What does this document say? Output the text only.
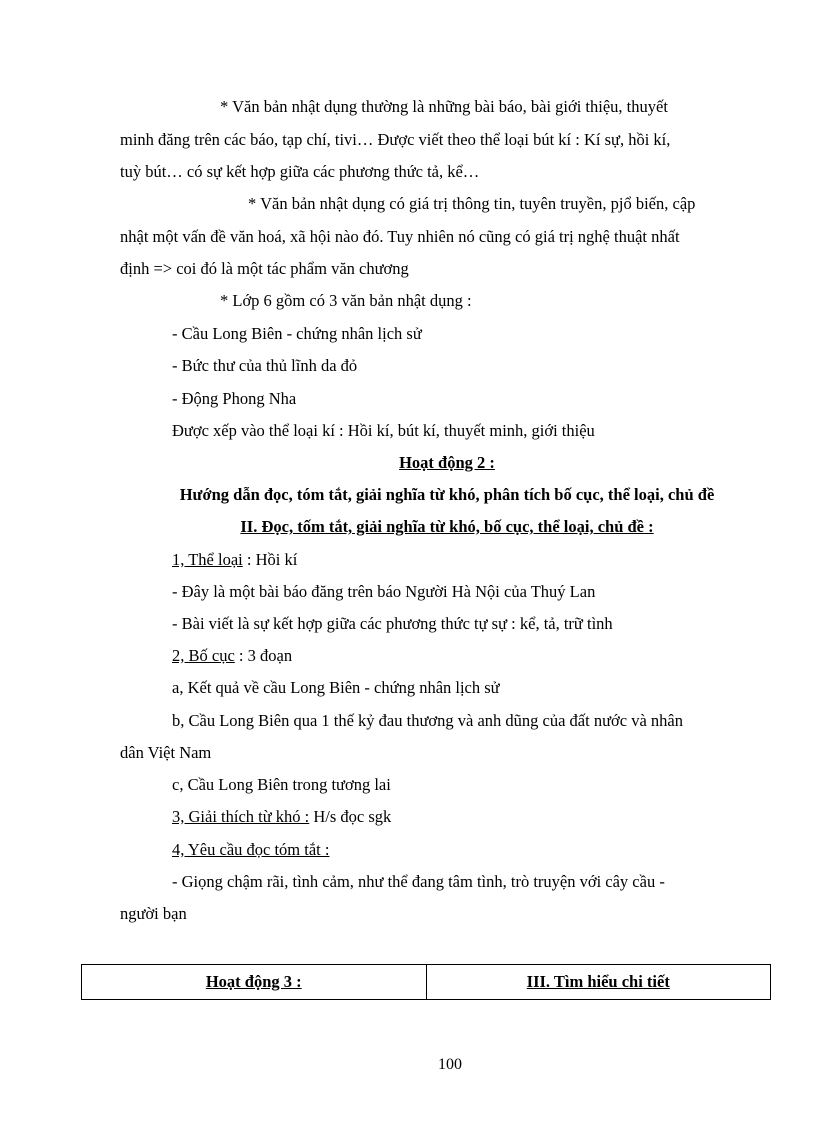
* Văn bản nhật dụng thường là những bài báo, bài giới thiệu, thuyết
minh đăng trên các báo, tạp chí, tivi… Được viết theo thể loại bút kí : Kí sự, hồi kí,
tuỳ bút… có sự kết hợp giữa các phương thức tả, kể…
* Văn bản nhật dụng có giá trị thông tin, tuyên truyền, pjổ biến, cập
nhật một vấn đề văn hoá, xã hội nào đó. Tuy nhiên nó cũng có giá trị nghệ thuật nhất
định => coi đó là một tác phẩm văn chương
* Lớp 6 gồm có 3 văn bản nhật dụng :
- Cầu Long Biên - chứng nhân lịch sử
- Bức thư của thủ lĩnh da đỏ
- Động Phong Nha
Được xếp vào thể loại kí : Hồi kí, bút kí, thuyết minh, giới thiệu
Hoạt động 2 :
Hướng dẫn đọc, tóm tắt, giải nghĩa từ khó, phân tích bố cục, thể loại, chủ đề
II. Đọc, tốm tắt, giải nghĩa từ khó, bố cục, thể loại, chủ đề :
1, Thể loại : Hồi kí
- Đây là một bài báo đăng trên báo Người Hà Nội của Thuý Lan
- Bài viết là sự kết hợp giữa các phương thức tự sự : kể, tả, trữ tình
2, Bố cục : 3 đoạn
a, Kết quả về cầu Long Biên - chứng nhân lịch sử
b, Cầu Long Biên qua 1 thế kỷ đau thương và anh dũng của đất nước và nhân
dân Việt Nam
c, Cầu Long Biên trong tương lai
3, Giải thích từ khó : H/s đọc sgk
4, Yêu cầu đọc tóm tắt :
- Giọng chậm rãi, tình cảm, như thể đang tâm tình, trò truyện với cây cầu -
người bạn
Hoạt động 3 :	III. Tìm hiểu chi tiết
100
